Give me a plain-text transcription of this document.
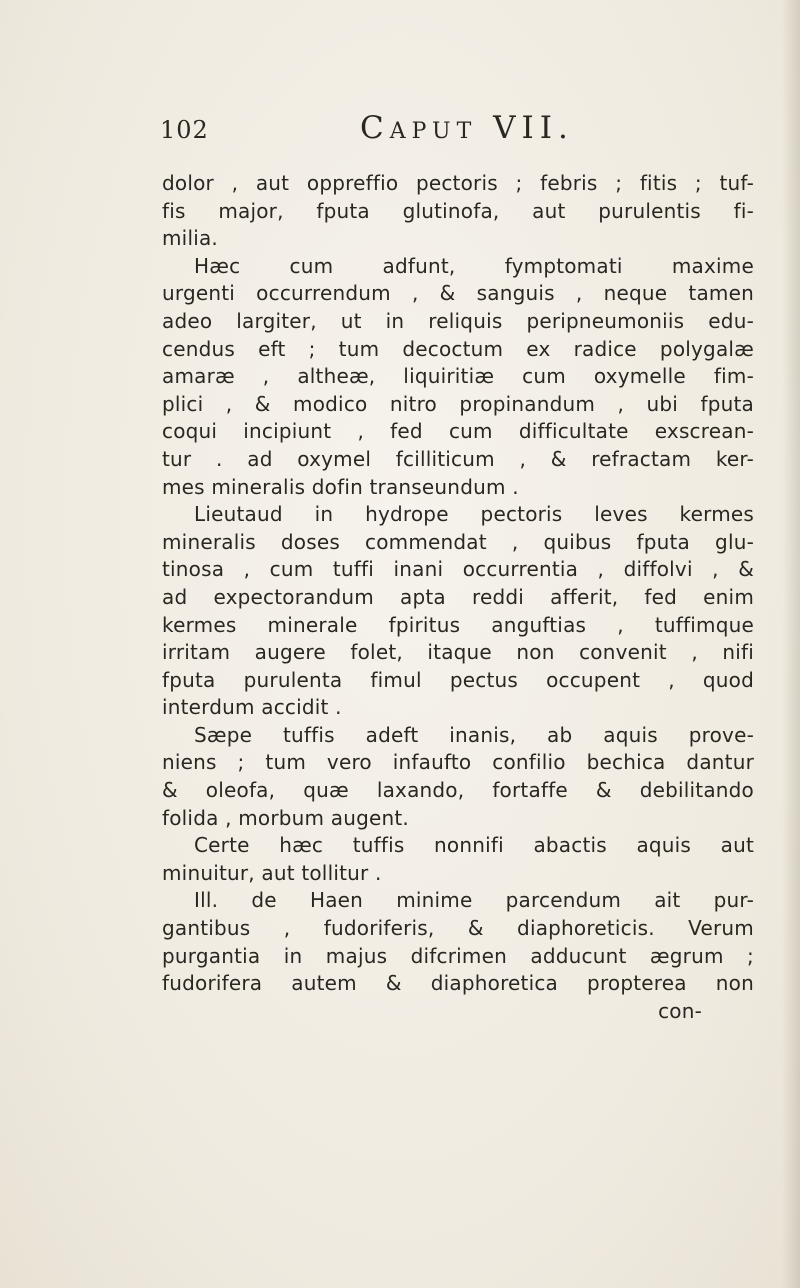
102	Caput VII.
dolor , aut oppreffio pectoris ; febris ; fitis ; tuf-
fis major, fputa glutinofa, aut purulentis fi-
milia.
Hæc cum adfunt, fymptomati maxime
urgenti occurrendum , & sanguis , neque tamen
adeo largiter, ut in reliquis peripneumoniis edu-
cendus eft ; tum decoctum ex radice polygalæ
amaræ , altheæ, liquiritiæ cum oxymelle fim-
plici , & modico nitro propinandum , ubi fputa
coqui incipiunt , fed cum difficultate exscrean-
tur . ad oxymel fcilliticum , & refractam ker-
mes mineralis dofin transeundum .
Lieutaud in hydrope pectoris leves kermes
mineralis doses commendat , quibus fputa glu-
tinosa , cum tuffi inani occurrentia , diffolvi , &
ad expectorandum apta reddi afferit, fed enim
kermes minerale fpiritus anguftias , tuffimque
irritam augere folet, itaque non convenit , nifi
fputa purulenta fimul pectus occupent , quod
interdum accidit .
Sæpe tuffis adeft inanis, ab aquis prove-
niens ; tum vero infaufto confilio bechica dantur
& oleofa, quæ laxando, fortaffe & debilitando
folida , morbum augent.
Certe hæc tuffis nonnifi abactis aquis aut
minuitur, aut tollitur .
Ill. de Haen minime parcendum ait pur-
gantibus , fudoriferis, & diaphoreticis. Verum
purgantia in majus difcrimen adducunt ægrum ;
fudorifera autem & diaphoretica propterea non
con-
